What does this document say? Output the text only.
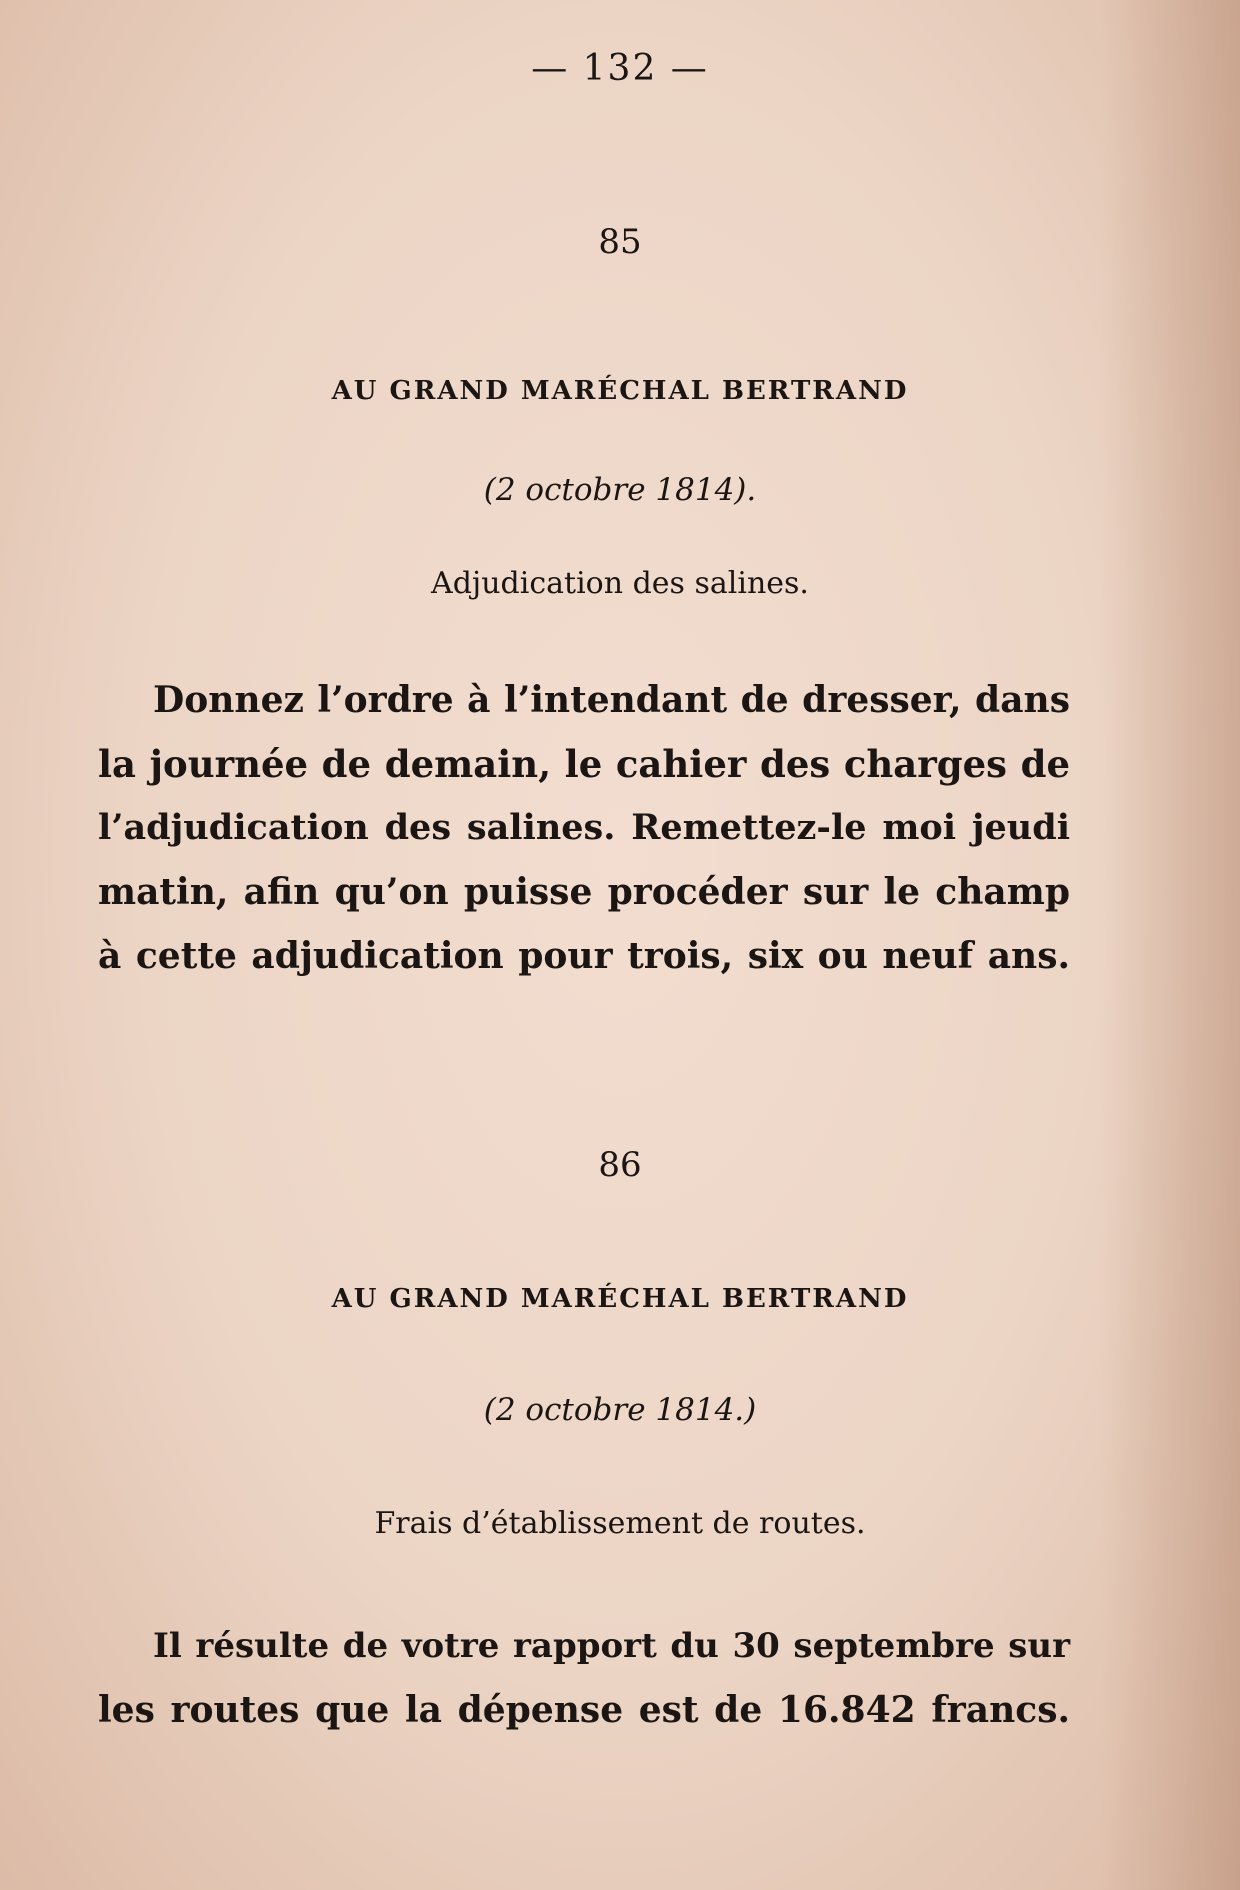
— 132 —
85
AU GRAND MARÉCHAL BERTRAND
(2 octobre 1814).
Adjudication des salines.
Donnez l’ordre à l’intendant de dresser, dans
la journée de demain, le cahier des charges de
l’adjudication des salines. Remettez-le moi jeudi
matin, afin qu’on puisse procéder sur le champ
à cette adjudication pour trois, six ou neuf ans.
86
AU GRAND MARÉCHAL BERTRAND
(2 octobre 1814.)
Frais d’établissement de routes.
Il résulte de votre rapport du 30 septembre sur
les routes que la dépense est de 16.842 francs.
